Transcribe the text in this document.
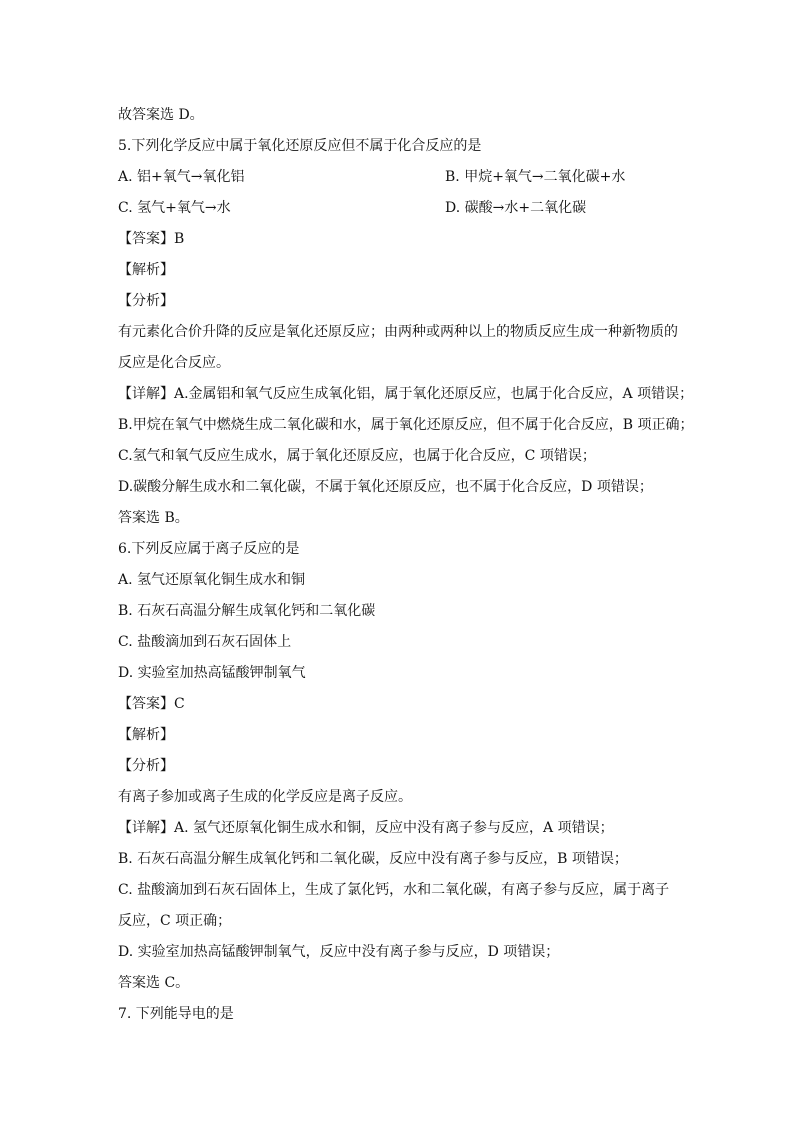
故答案选 D。
5.下列化学反应中属于氧化还原反应但不属于化合反应的是
A. 铝+氧气→氧化铝	B. 甲烷+氧气→二氧化碳+水
C. 氢气+氧气→水	D. 碳酸→水+二氧化碳
【答案】B
【解析】
【分析】
有元素化合价升降的反应是氧化还原反应；由两种或两种以上的物质反应生成一种新物质的
反应是化合反应。
【详解】A.金属铝和氧气反应生成氧化铝，属于氧化还原反应，也属于化合反应，A 项错误；
B.甲烷在氧气中燃烧生成二氧化碳和水，属于氧化还原反应，但不属于化合反应，B 项正确；
C.氢气和氧气反应生成水，属于氧化还原反应，也属于化合反应，C 项错误；
D.碳酸分解生成水和二氧化碳，不属于氧化还原反应，也不属于化合反应，D 项错误；
答案选 B。
6.下列反应属于离子反应的是
A. 氢气还原氧化铜生成水和铜
B. 石灰石高温分解生成氧化钙和二氧化碳
C. 盐酸滴加到石灰石固体上
D. 实验室加热高锰酸钾制氧气
【答案】C
【解析】
【分析】
有离子参加或离子生成的化学反应是离子反应。
【详解】A. 氢气还原氧化铜生成水和铜，反应中没有离子参与反应，A 项错误；
B. 石灰石高温分解生成氧化钙和二氧化碳，反应中没有离子参与反应，B 项错误；
C. 盐酸滴加到石灰石固体上，生成了氯化钙，水和二氧化碳，有离子参与反应，属于离子
反应，C 项正确；
D. 实验室加热高锰酸钾制氧气，反应中没有离子参与反应，D 项错误；
答案选 C。
7. 下列能导电的是
